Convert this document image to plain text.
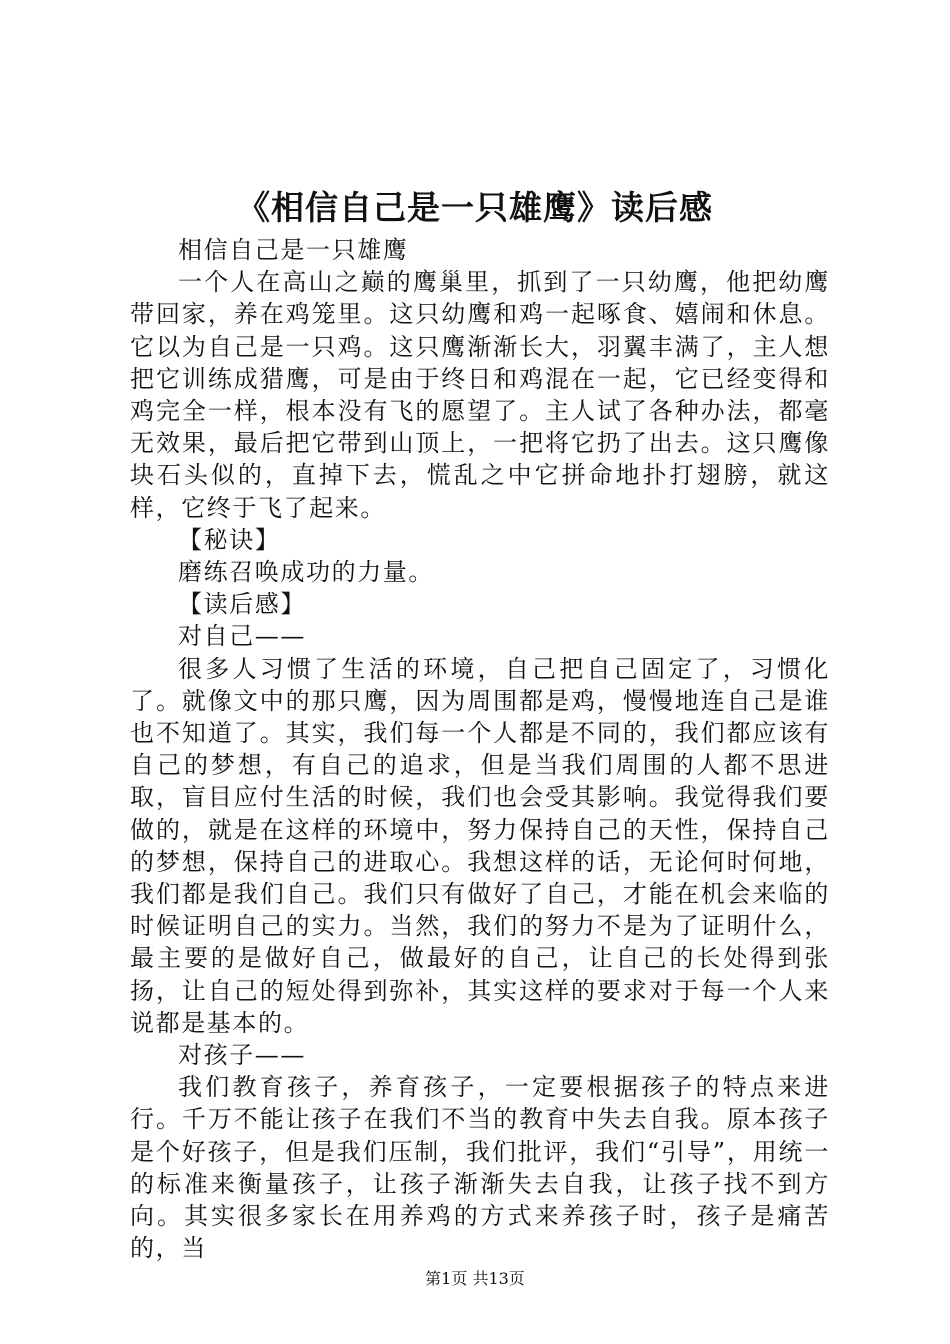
《相信自己是一只雄鹰》读后感

相信自己是一只雄鹰

一个人在高山之巅的鹰巢里，抓到了一只幼鹰，他把幼鹰带回家，养在鸡笼里。这只幼鹰和鸡一起啄食、嬉闹和休息。它以为自己是一只鸡。这只鹰渐渐长大，羽翼丰满了，主人想把它训练成猎鹰，可是由于终日和鸡混在一起，它已经变得和鸡完全一样，根本没有飞的愿望了。主人试了各种办法，都毫无效果，最后把它带到山顶上，一把将它扔了出去。这只鹰像块石头似的，直掉下去，慌乱之中它拼命地扑打翅膀，就这样，它终于飞了起来。

【秘诀】

磨练召唤成功的力量。

【读后感】

对自己——

很多人习惯了生活的环境，自己把自己固定了，习惯化了。就像文中的那只鹰，因为周围都是鸡，慢慢地连自己是谁也不知道了。其实，我们每一个人都是不同的，我们都应该有自己的梦想，有自己的追求，但是当我们周围的人都不思进取，盲目应付生活的时候，我们也会受其影响。我觉得我们要做的，就是在这样的环境中，努力保持自己的天性，保持自己的梦想，保持自己的进取心。我想这样的话，无论何时何地，我们都是我们自己。我们只有做好了自己，才能在机会来临的时候证明自己的实力。当然，我们的努力不是为了证明什么，最主要的是做好自己，做最好的自己，让自己的长处得到张扬，让自己的短处得到弥补，其实这样的要求对于每一个人来说都是基本的。

对孩子——

我们教育孩子，养育孩子，一定要根据孩子的特点来进行。千万不能让孩子在我们不当的教育中失去自我。原本孩子是个好孩子，但是我们压制，我们批评，我们“引导”，用统一的标准来衡量孩子，让孩子渐渐失去自我，让孩子找不到方向。其实很多家长在用养鸡的方式来养孩子时，孩子是痛苦的，当

第1页 共13页
